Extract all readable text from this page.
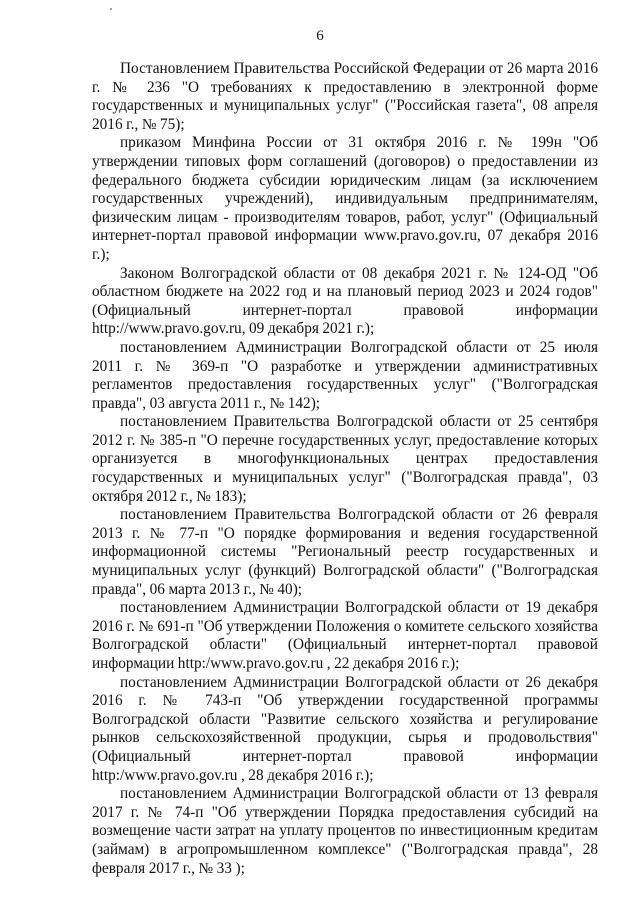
6

Постановлением Правительства Российской Федерации от 26 марта 2016 г. № 236 "О требованиях к предоставлению в электронной форме государственных и муниципальных услуг" ("Российская газета", 08 апреля 2016 г., № 75);

приказом Минфина России от 31 октября 2016 г. № 199н "Об утверждении типовых форм соглашений (договоров) о предоставлении из федерального бюджета субсидии юридическим лицам (за исключением государственных учреждений), индивидуальным предпринимателям, физическим лицам - производителям товаров, работ, услуг" (Официальный интернет-портал правовой информации www.pravo.gov.ru, 07 декабря 2016 г.);

Законом Волгоградской области от 08 декабря 2021 г. № 124-ОД "Об областном бюджете на 2022 год и на плановый период 2023 и 2024 годов" (Официальный интернет-портал правовой информации http://www.pravo.gov.ru, 09 декабря 2021 г.);

постановлением Администрации Волгоградской области от 25 июля 2011 г. № 369-п "О разработке и утверждении административных регламентов предоставления государственных услуг" ("Волгоградская правда", 03 августа 2011 г., № 142);

постановлением Правительства Волгоградской области от 25 сентября 2012 г. № 385-п "О перечне государственных услуг, предоставление которых организуется в многофункциональных центрах предоставления государственных и муниципальных услуг" ("Волгоградская правда", 03 октября 2012 г., № 183);

постановлением Правительства Волгоградской области от 26 февраля 2013 г. № 77-п "О порядке формирования и ведения государственной информационной системы "Региональный реестр государственных и муниципальных услуг (функций) Волгоградской области" ("Волгоградская правда", 06 марта 2013 г., № 40);

постановлением Администрации Волгоградской области от 19 декабря 2016 г. № 691-п "Об утверждении Положения о комитете сельского хозяйства Волгоградской области" (Официальный интернет-портал правовой информации http:/www.pravo.gov.ru , 22 декабря 2016 г.);

постановлением Администрации Волгоградской области от 26 декабря 2016 г. № 743-п "Об утверждении государственной программы Волгоградской области "Развитие сельского хозяйства и регулирование рынков сельскохозяйственной продукции, сырья и продовольствия" (Официальный интернет-портал правовой информации http:/www.pravo.gov.ru , 28 декабря 2016 г.);

постановлением Администрации Волгоградской области от 13 февраля 2017 г. № 74-п "Об утверждении Порядка предоставления субсидий на возмещение части затрат на уплату процентов по инвестиционным кредитам (займам) в агропромышленном комплексе" ("Волгоградская правда", 28 февраля 2017 г., № 33 );
